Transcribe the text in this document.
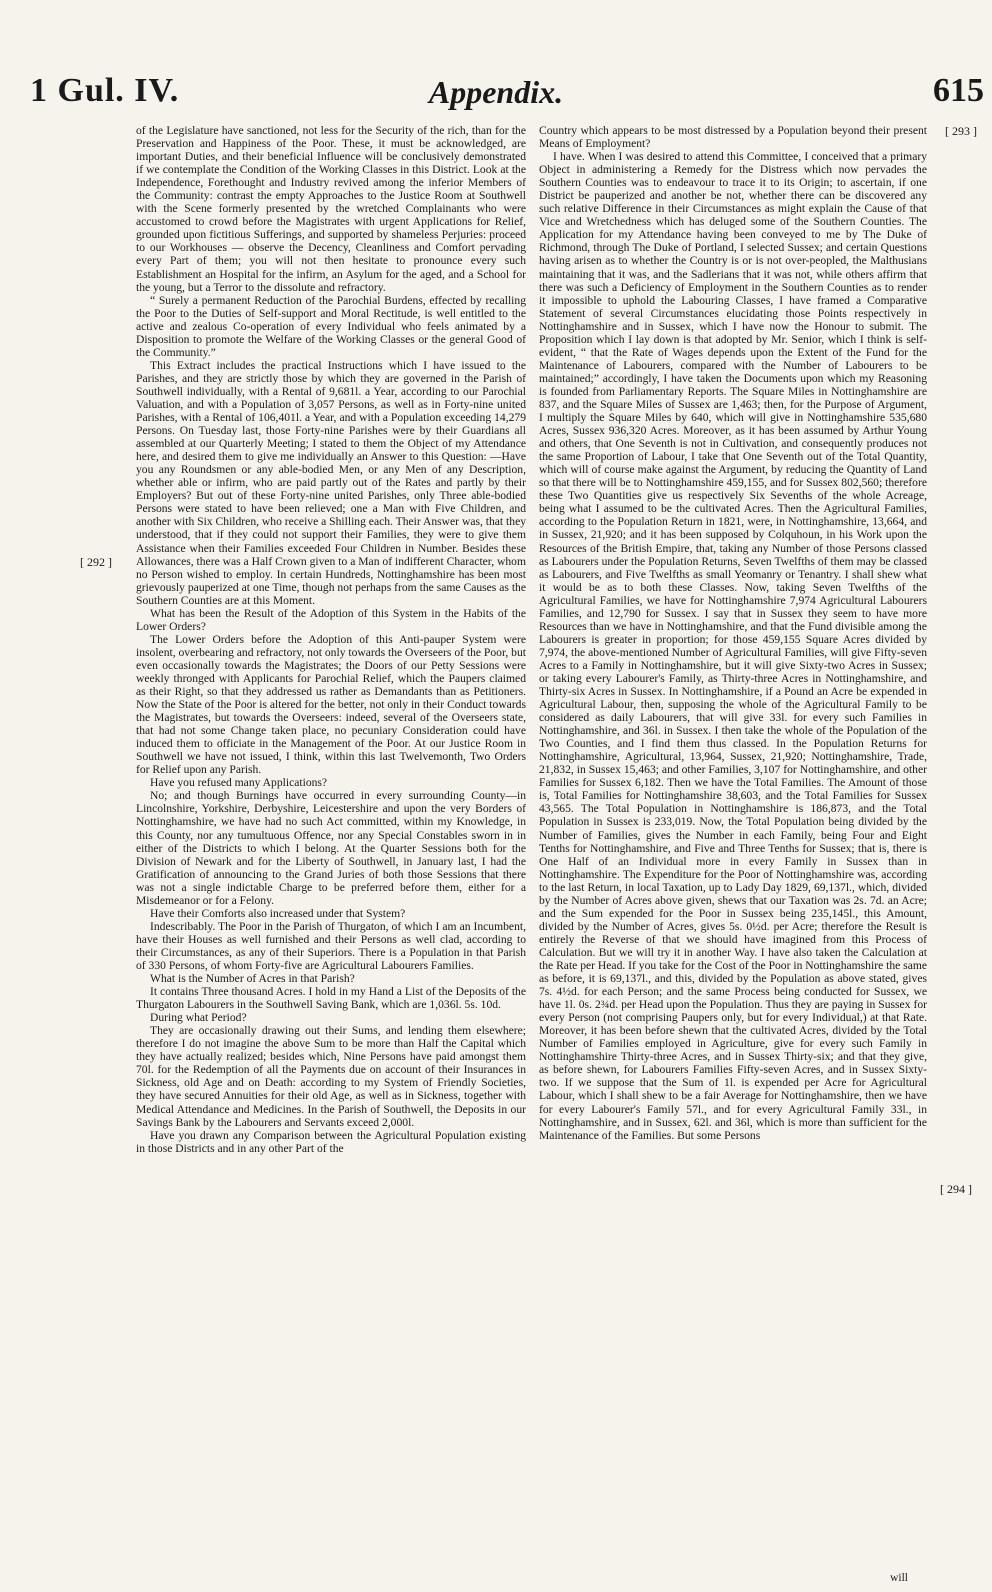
1 Gul. IV.	Appendix.	615
[ 292 ]
[ 293 ]
[ 294 ]

of the Legislature have sanctioned, not less for the Security of the rich, than for the Preservation and Happiness of the Poor. These, it must be acknowledged, are important Duties, and their beneficial Influence will be conclusively demonstrated if we contemplate the Condition of the Working Classes in this District. Look at the Independence, Forethought and Industry revived among the inferior Members of the Community: contrast the empty Approaches to the Justice Room at Southwell with the Scene formerly presented by the wretched Complainants who were accustomed to crowd before the Magistrates with urgent Applications for Relief, grounded upon fictitious Sufferings, and supported by shameless Perjuries: proceed to our Workhouses — observe the Decency, Cleanliness and Comfort pervading every Part of them; you will not then hesitate to pronounce every such Establishment an Hospital for the infirm, an Asylum for the aged, and a School for the young, but a Terror to the dissolute and refractory.

“ Surely a permanent Reduction of the Parochial Burdens, effected by recalling the Poor to the Duties of Self-support and Moral Rectitude, is well entitled to the active and zealous Co-operation of every Individual who feels animated by a Disposition to promote the Welfare of the Working Classes or the general Good of the Community.”

This Extract includes the practical Instructions which I have issued to the Parishes, and they are strictly those by which they are governed in the Parish of Southwell individually, with a Rental of 9,681l. a Year, according to our Parochial Valuation, and with a Population of 3,057 Persons, as well as in Forty-nine united Parishes, with a Rental of 106,401l. a Year, and with a Population exceeding 14,279 Persons. On Tuesday last, those Forty-nine Parishes were by their Guardians all assembled at our Quarterly Meeting; I stated to them the Object of my Attendance here, and desired them to give me individually an Answer to this Question: —Have you any Roundsmen or any able-bodied Men, or any Men of any Description, whether able or infirm, who are paid partly out of the Rates and partly by their Employers? But out of these Forty-nine united Parishes, only Three able-bodied Persons were stated to have been relieved; one a Man with Five Children, and another with Six Children, who receive a Shilling each. Their Answer was, that they understood, that if they could not support their Families, they were to give them Assistance when their Families exceeded Four Children in Number. Besides these Allowances, there was a Half Crown given to a Man of indifferent Character, whom no Person wished to employ. In certain Hundreds, Nottinghamshire has been most grievously pauperized at one Time, though not perhaps from the same Causes as the Southern Counties are at this Moment.

What has been the Result of the Adoption of this System in the Habits of the Lower Orders?

The Lower Orders before the Adoption of this Anti-pauper System were insolent, overbearing and refractory, not only towards the Overseers of the Poor, but even occasionally towards the Magistrates; the Doors of our Petty Sessions were weekly thronged with Applicants for Parochial Relief, which the Paupers claimed as their Right, so that they addressed us rather as Demandants than as Petitioners. Now the State of the Poor is altered for the better, not only in their Conduct towards the Magistrates, but towards the Overseers: indeed, several of the Overseers state, that had not some Change taken place, no pecuniary Consideration could have induced them to officiate in the Management of the Poor. At our Justice Room in Southwell we have not issued, I think, within this last Twelvemonth, Two Orders for Relief upon any Parish.

Have you refused many Applications?

No; and though Burnings have occurred in every surrounding County—in Lincolnshire, Yorkshire, Derbyshire, Leicestershire and upon the very Borders of Nottinghamshire, we have had no such Act committed, within my Knowledge, in this County, nor any tumultuous Offence, nor any Special Constables sworn in in either of the Districts to which I belong. At the Quarter Sessions both for the Division of Newark and for the Liberty of Southwell, in January last, I had the Gratification of announcing to the Grand Juries of both those Sessions that there was not a single indictable Charge to be preferred before them, either for a Misdemeanor or for a Felony.

Have their Comforts also increased under that System?

Indescribably. The Poor in the Parish of Thurgaton, of which I am an Incumbent, have their Houses as well furnished and their Persons as well clad, according to their Circumstances, as any of their Superiors. There is a Population in that Parish of 330 Persons, of whom Forty-five are Agricultural Labourers Families.

What is the Number of Acres in that Parish?

It contains Three thousand Acres. I hold in my Hand a List of the Deposits of the Thurgaton Labourers in the Southwell Saving Bank, which are 1,036l. 5s. 10d.

During what Period?

They are occasionally drawing out their Sums, and lending them elsewhere; therefore I do not imagine the above Sum to be more than Half the Capital which they have actually realized; besides which, Nine Persons have paid amongst them 70l. for the Redemption of all the Payments due on account of their Insurances in Sickness, old Age and on Death: according to my System of Friendly Societies, they have secured Annuities for their old Age, as well as in Sickness, together with Medical Attendance and Medicines. In the Parish of Southwell, the Deposits in our Savings Bank by the Labourers and Servants exceed 2,000l.

Have you drawn any Comparison between the Agricultural Population existing in those Districts and in any other Part of the

Country which appears to be most distressed by a Population beyond their present Means of Employment?

I have. When I was desired to attend this Committee, I conceived that a primary Object in administering a Remedy for the Distress which now pervades the Southern Counties was to endeavour to trace it to its Origin; to ascertain, if one District be pauperized and another be not, whether there can be discovered any such relative Difference in their Circumstances as might explain the Cause of that Vice and Wretchedness which has deluged some of the Southern Counties. The Application for my Attendance having been conveyed to me by The Duke of Richmond, through The Duke of Portland, I selected Sussex; and certain Questions having arisen as to whether the Country is or is not over-peopled, the Malthusians maintaining that it was, and the Sadlerians that it was not, while others affirm that there was such a Deficiency of Employment in the Southern Counties as to render it impossible to uphold the Labouring Classes, I have framed a Comparative Statement of several Circumstances elucidating those Points respectively in Nottinghamshire and in Sussex, which I have now the Honour to submit. The Proposition which I lay down is that adopted by Mr. Senior, which I think is self-evident, “ that the Rate of Wages depends upon the Extent of the Fund for the Maintenance of Labourers, compared with the Number of Labourers to be maintained;” accordingly, I have taken the Documents upon which my Reasoning is founded from Parliamentary Reports. The Square Miles in Nottinghamshire are 837, and the Square Miles of Sussex are 1,463; then, for the Purpose of Argument, I multiply the Square Miles by 640, which will give in Nottinghamshire 535,680 Acres, Sussex 936,320 Acres. Moreover, as it has been assumed by Arthur Young and others, that One Seventh is not in Cultivation, and consequently produces not the same Proportion of Labour, I take that One Seventh out of the Total Quantity, which will of course make against the Argument, by reducing the Quantity of Land so that there will be to Nottinghamshire 459,155, and for Sussex 802,560; therefore these Two Quantities give us respectively Six Sevenths of the whole Acreage, being what I assumed to be the cultivated Acres. Then the Agricultural Families, according to the Population Return in 1821, were, in Nottinghamshire, 13,664, and in Sussex, 21,920; and it has been supposed by Colquhoun, in his Work upon the Resources of the British Empire, that, taking any Number of those Persons classed as Labourers under the Population Returns, Seven Twelfths of them may be classed as Labourers, and Five Twelfths as small Yeomanry or Tenantry. I shall shew what it would be as to both these Classes. Now, taking Seven Twelfths of the Agricultural Families, we have for Nottinghamshire 7,974 Agricultural Labourers Families, and 12,790 for Sussex. I say that in Sussex they seem to have more Resources than we have in Nottinghamshire, and that the Fund divisible among the Labourers is greater in proportion; for those 459,155 Square Acres divided by 7,974, the above-mentioned Number of Agricultural Families, will give Fifty-seven Acres to a Family in Nottinghamshire, but it will give Sixty-two Acres in Sussex; or taking every Labourer's Family, as Thirty-three Acres in Nottinghamshire, and Thirty-six Acres in Sussex. In Nottinghamshire, if a Pound an Acre be expended in Agricultural Labour, then, supposing the whole of the Agricultural Family to be considered as daily Labourers, that will give 33l. for every such Families in Nottinghamshire, and 36l. in Sussex. I then take the whole of the Population of the Two Counties, and I find them thus classed. In the Population Returns for Nottinghamshire, Agricultural, 13,964, Sussex, 21,920; Nottinghamshire, Trade, 21,832, in Sussex 15,463; and other Families, 3,107 for Nottinghamshire, and other Families for Sussex 6,182. Then we have the Total Families. The Amount of those is, Total Families for Nottinghamshire 38,603, and the Total Families for Sussex 43,565. The Total Population in Nottinghamshire is 186,873, and the Total Population in Sussex is 233,019. Now, the Total Population being divided by the Number of Families, gives the Number in each Family, being Four and Eight Tenths for Nottinghamshire, and Five and Three Tenths for Sussex; that is, there is One Half of an Individual more in every Family in Sussex than in Nottinghamshire. The Expenditure for the Poor of Nottinghamshire was, according to the last Return, in local Taxation, up to Lady Day 1829, 69,137l., which, divided by the Number of Acres above given, shews that our Taxation was 2s. 7d. an Acre; and the Sum expended for the Poor in Sussex being 235,145l., this Amount, divided by the Number of Acres, gives 5s. 0½d. per Acre; therefore the Result is entirely the Reverse of that we should have imagined from this Process of Calculation. But we will try it in another Way. I have also taken the Calculation at the Rate per Head. If you take for the Cost of the Poor in Nottinghamshire the same as before, it is 69,137l., and this, divided by the Population as above stated, gives 7s. 4½d. for each Person; and the same Process being conducted for Sussex, we have 1l. 0s. 2¾d. per Head upon the Population. Thus they are paying in Sussex for every Person (not comprising Paupers only, but for every Individual,) at that Rate. Moreover, it has been before shewn that the cultivated Acres, divided by the Total Number of Families employed in Agriculture, give for every such Family in Nottinghamshire Thirty-three Acres, and in Sussex Thirty-six; and that they give, as before shewn, for Labourers Families Fifty-seven Acres, and in Sussex Sixty-two. If we suppose that the Sum of 1l. is expended per Acre for Agricultural Labour, which I shall shew to be a fair Average for Nottinghamshire, then we have for every Labourer's Family 57l., and for every Agricultural Family 33l., in Nottinghamshire, and in Sussex, 62l. and 36l, which is more than sufficient for the Maintenance of the Families. But some Persons

will
